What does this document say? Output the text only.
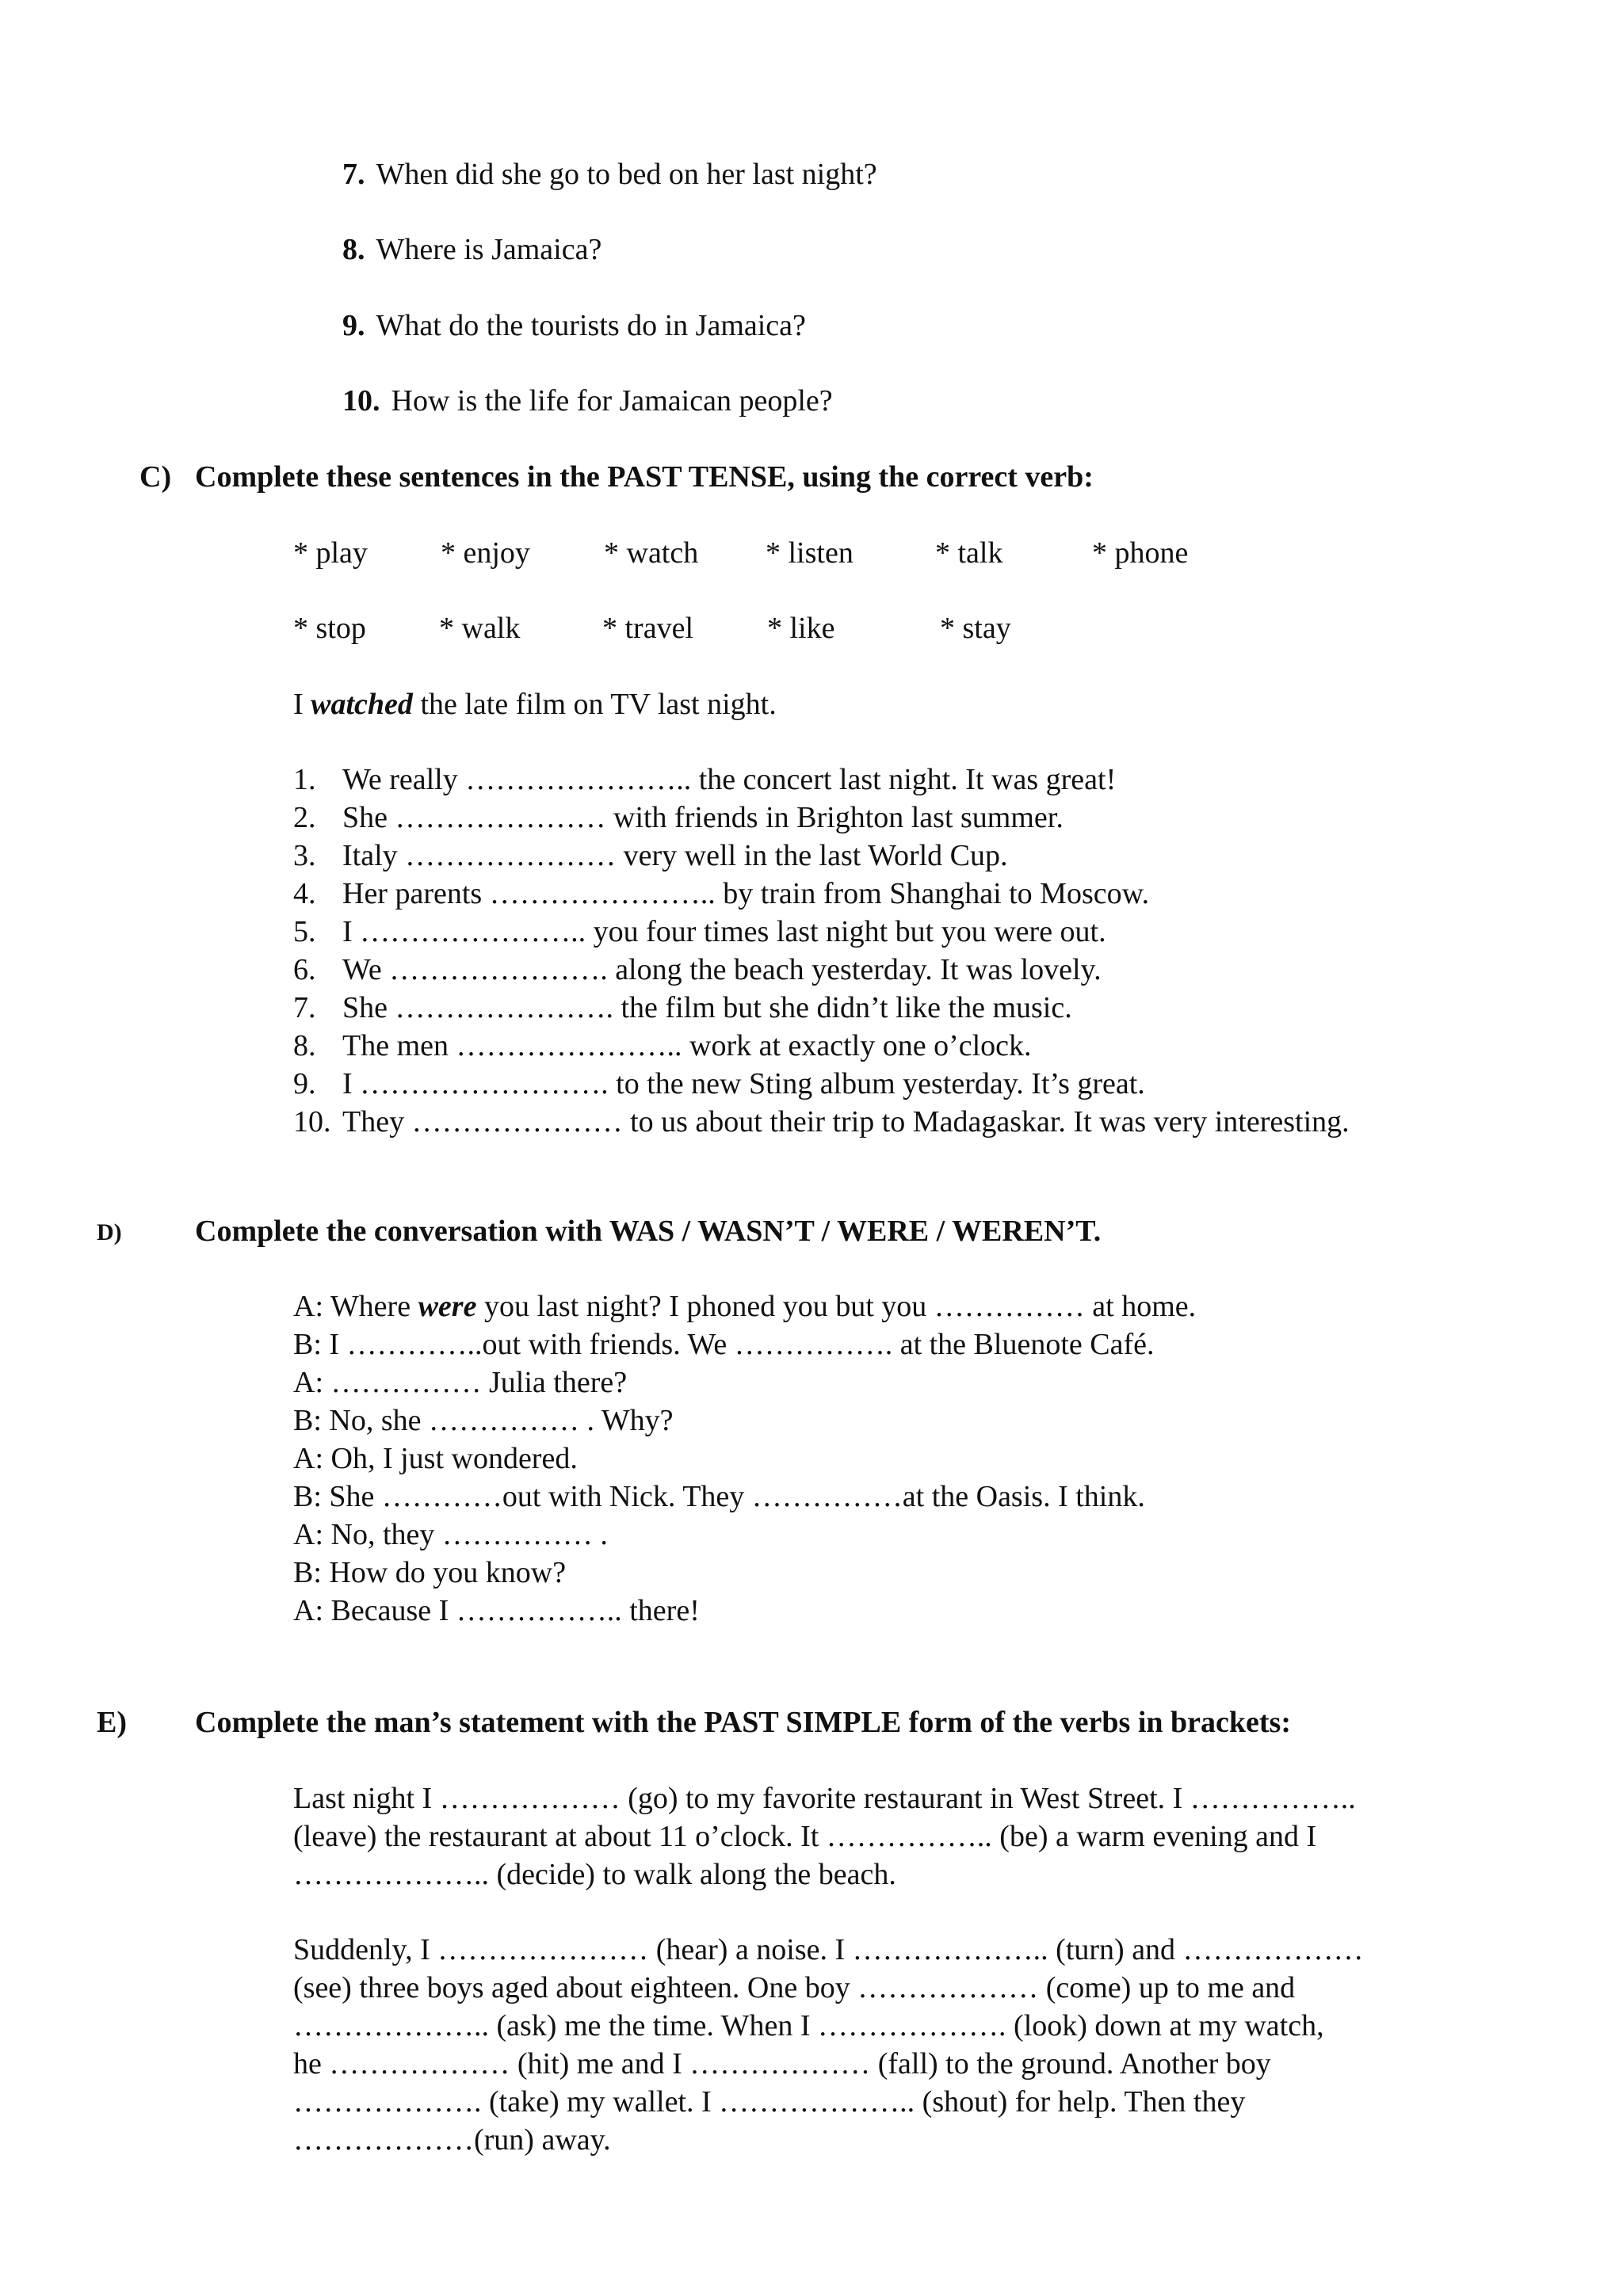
7. When did she go to bed on her last night?
8. Where is Jamaica?
9. What do the tourists do in Jamaica?
10. How is the life for Jamaican people?
C) Complete these sentences in the PAST TENSE, using the correct verb:
* play * enjoy * watch * listen	* talk	* phone
* stop * walk	* travel * like	* stay
I watched the late film on TV last night.
1. We really ………………….. the concert last night. It was great!
2. She ………………… with friends in Brighton last summer.
3. Italy ………………… very well in the last World Cup.
4. Her parents ………………….. by train from Shanghai to Moscow.
5. I ………………….. you four times last night but you were out.
6. We …………………. along the beach yesterday. It was lovely.
7. She …………………. the film but she didn’t like the music.
8. The men ………………….. work at exactly one o’clock.
9. I ……………………. to the new Sting album yesterday. It’s great.
10. They ………………… to us about their trip to Madagaskar. It was very interesting.
D) Complete the conversation with WAS / WASN’T / WERE / WEREN’T.
A: Where were you last night? I phoned you but you …………… at home.
B: I …………..out with friends. We ……………. at the Bluenote Café.
A: …………… Julia there?
B: No, she …………… . Why?
A: Oh, I just wondered.
B: She …………out with Nick. They ……………at the Oasis. I think.
A: No, they …………… .
B: How do you know?
A: Because I …………….. there!
E) Complete the man’s statement with the PAST SIMPLE form of the verbs in brackets:
Last night I ……………… (go) to my favorite restaurant in West Street. I ……………..
(leave) the restaurant at about 11 o’clock. It …………….. (be) a warm evening and I
……………….. (decide) to walk along the beach.
Suddenly, I ………………… (hear) a noise. I ……………….. (turn) and ………………
(see) three boys aged about eighteen. One boy ……………… (come) up to me and
……………….. (ask) me the time. When I ………………. (look) down at my watch,
he ……………… (hit) me and I ……………… (fall) to the ground. Another boy
………………. (take) my wallet. I ……………….. (shout) for help. Then they
………………(run) away.
